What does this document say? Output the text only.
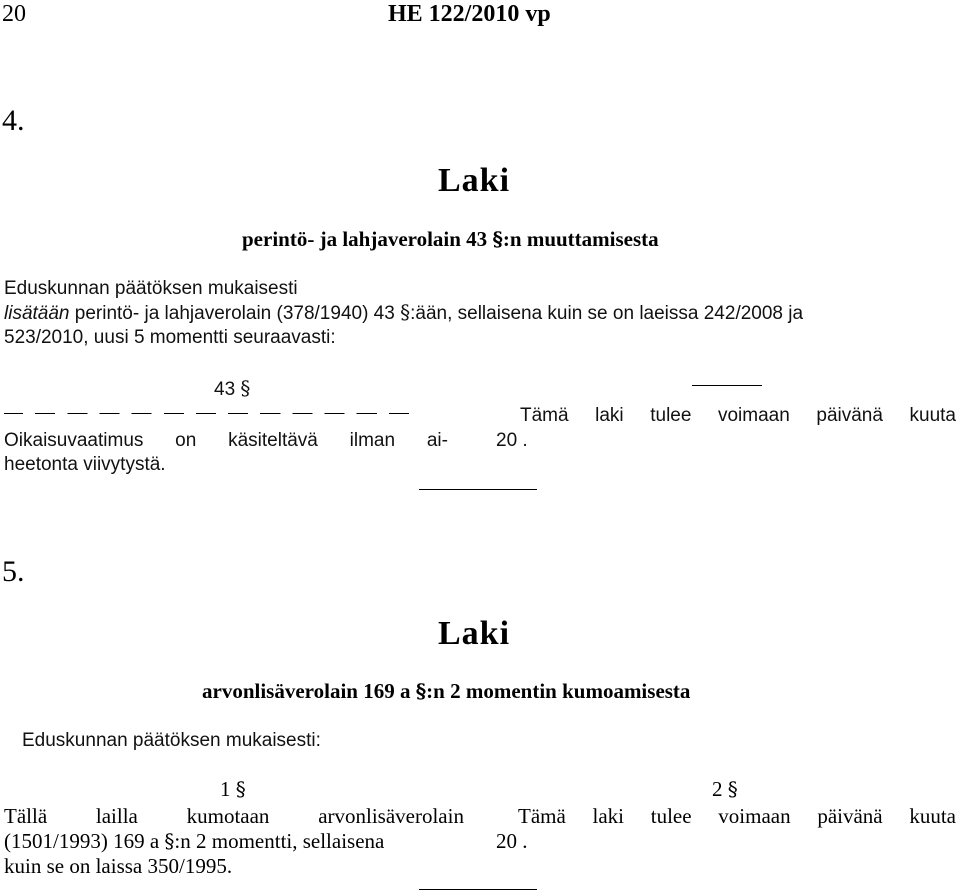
20	HE 122/2010 vp
4.
Laki
perintö- ja lahjaverolain 43 §:n muuttamisesta
Eduskunnan päätöksen mukaisesti
lisätään perintö- ja lahjaverolain (378/1940) 43 §:ään, sellaisena kuin se on laeissa 242/2008 ja
523/2010, uusi 5 momentti seuraavasti:
43 §
Oikaisuvaatimus on käsiteltävä ilman ai-
heetonta viivytystä.
Tämä laki tulee voimaan päivänä kuuta
20 .
5.
Laki
arvonlisäverolain 169 a §:n 2 momentin kumoamisesta
Eduskunnan päätöksen mukaisesti:
1 §	2 §
Tällä lailla kumotaan arvonlisäverolain
(1501/1993) 169 a §:n 2 momentti, sellaisena
kuin se on laissa 350/1995.
Tämä laki tulee voimaan päivänä kuuta
20 .
